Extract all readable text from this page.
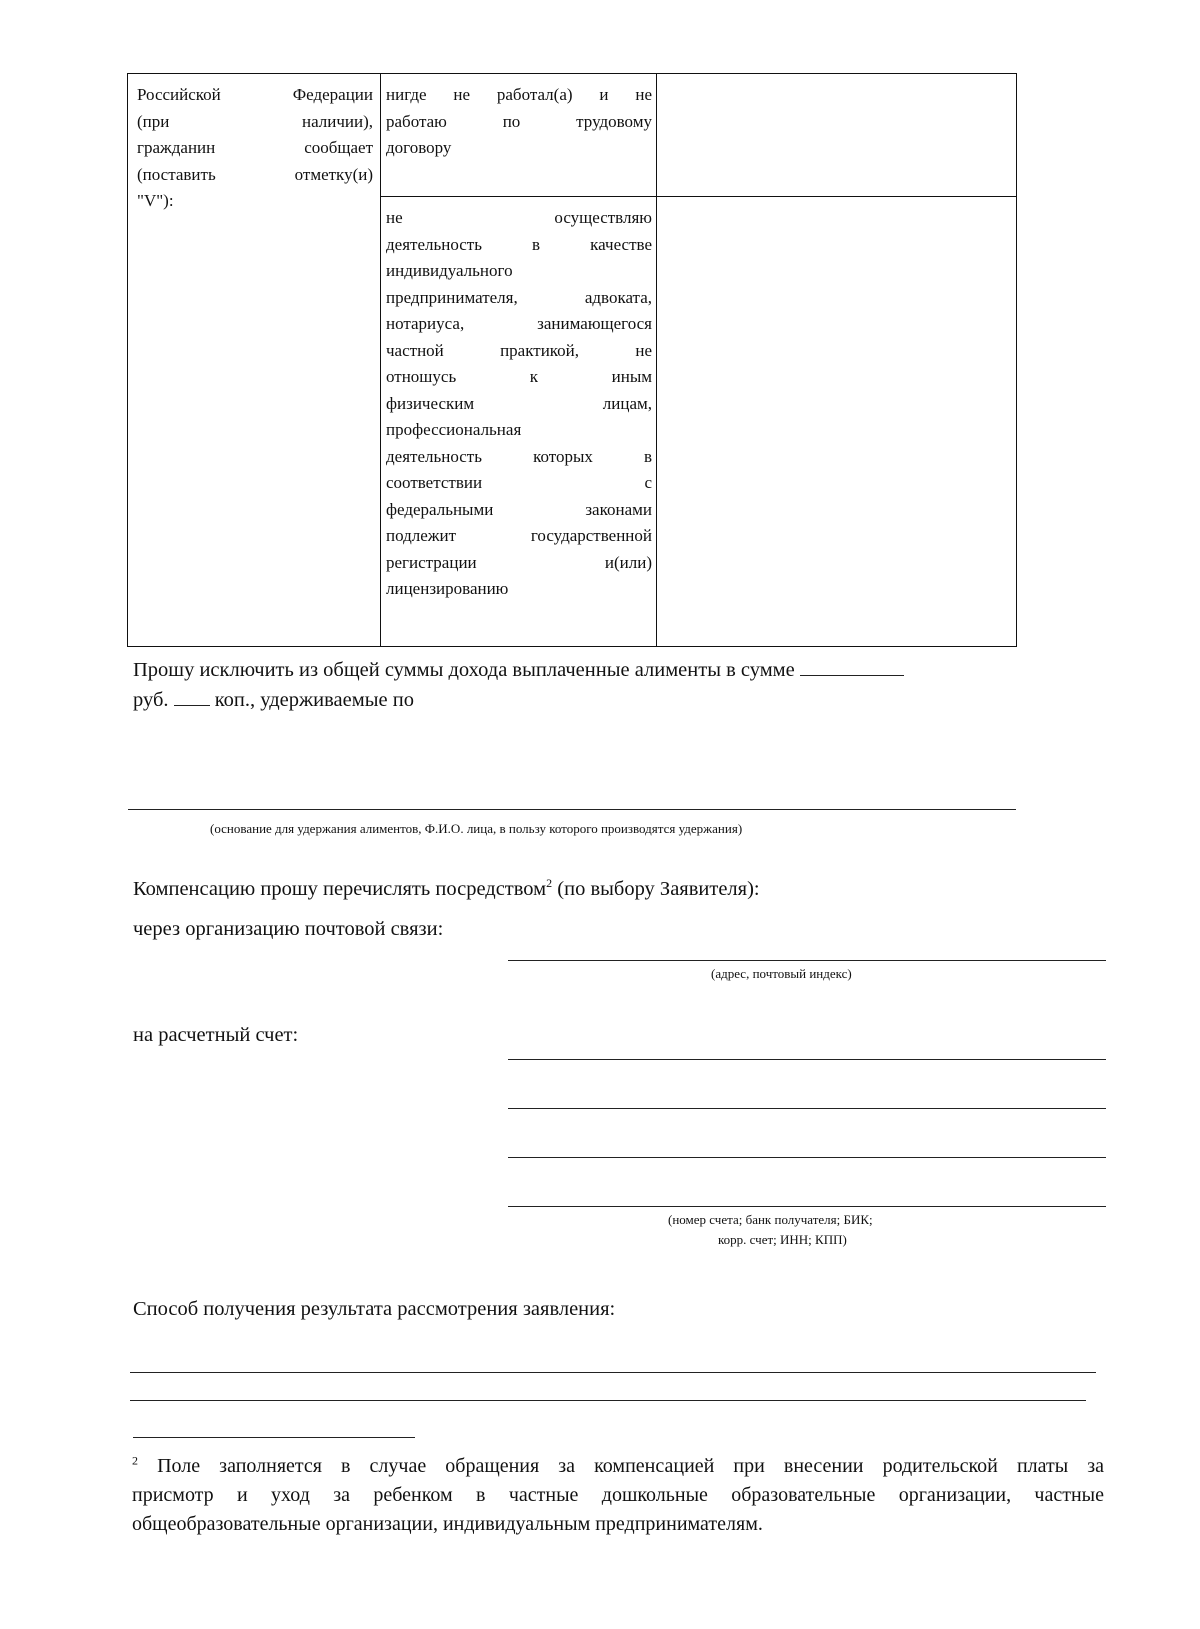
Российской Федерации
(при наличии),
гражданин сообщает
(поставить отметку(и)
"V"):
нигде не работал(а) и не
работаю по трудовому
договору
не осуществляю
деятельность в качестве
индивидуального
предпринимателя, адвоката,
нотариуса, занимающегося
частной практикой, не
отношусь к иным
физическим лицам,
профессиональная
деятельность которых в
соответствии с
федеральными законами
подлежит государственной
регистрации и(или)
лицензированию
Прошу исключить из общей суммы дохода выплаченные алименты в сумме
руб. коп., удерживаемые по
(основание для удержания алиментов, Ф.И.О. лица, в пользу которого производятся удержания)
Компенсацию прошу перечислять посредством$^2$ (по выбору Заявителя):
через организацию почтовой связи:
(адрес, почтовый индекс)
на расчетный счет:
(номер счета; банк получателя; БИК;
корр. счет; ИНН; КПП)
Способ получения результата рассмотрения заявления:
$^2$ Поле заполняется в случае обращения за компенсацией при внесении родительской платы за
присмотр и уход за ребенком в частные дошкольные образовательные организации, частные
общеобразовательные организации, индивидуальным предпринимателям.
